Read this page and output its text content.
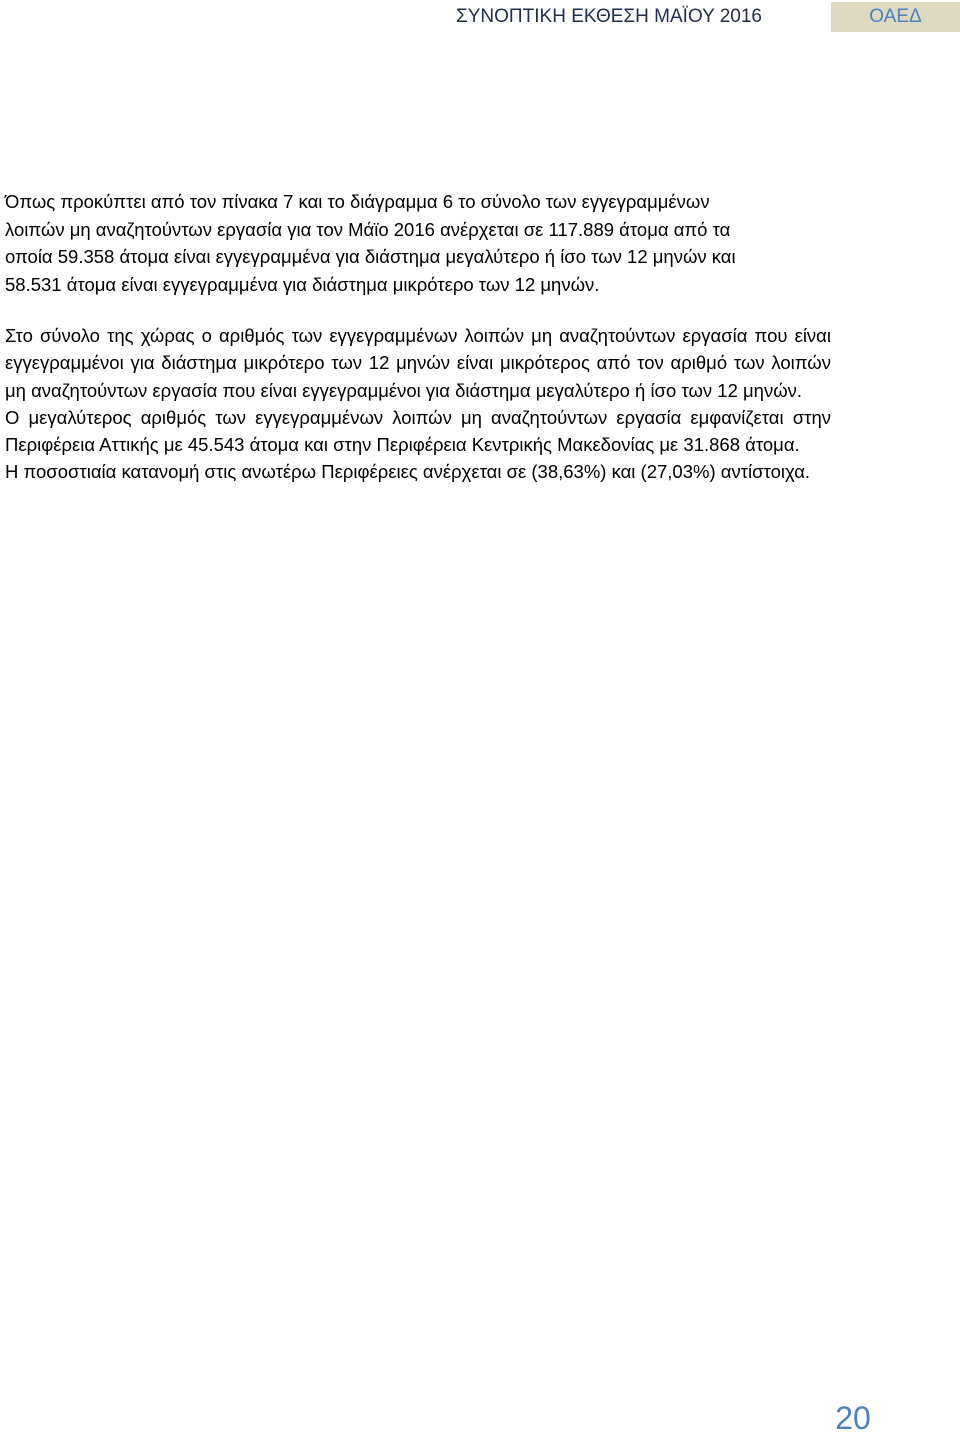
ΣΥΝΟΠΤΙΚΗ ΕΚΘΕΣΗ ΜΑΪΟΥ 2016	ΟΑΕΔ

Όπως προκύπτει από τον πίνακα 7 και το διάγραμμα 6 το σύνολο των εγγεγραμμένων

λοιπών μη αναζητούντων εργασία για τον Μάϊο 2016 ανέρχεται σε 117.889 άτομα από τα

οποία 59.358 άτομα είναι εγγεγραμμένα για διάστημα μεγαλύτερο ή ίσο των 12 μηνών και

58.531 άτομα είναι εγγεγραμμένα για διάστημα μικρότερο των 12 μηνών.

Στο σύνολο της χώρας ο αριθμός των εγγεγραμμένων λοιπών μη αναζητούντων εργασία που είναι εγγεγραμμένοι για διάστημα μικρότερο των 12 μηνών είναι μικρότερος από τον αριθμό των λοιπών μη αναζητούντων εργασία που είναι εγγεγραμμένοι για διάστημα μεγαλύτερο ή ίσο των 12 μηνών.

Ο μεγαλύτερος αριθμός των εγγεγραμμένων λοιπών μη αναζητούντων εργασία εμφανίζεται στην Περιφέρεια Αττικής με 45.543 άτομα και στην Περιφέρεια Κεντρικής Μακεδονίας με 31.868 άτομα.

Η ποσοστιαία κατανομή στις ανωτέρω Περιφέρειες ανέρχεται σε (38,63%) και (27,03%) αντίστοιχα.

20
